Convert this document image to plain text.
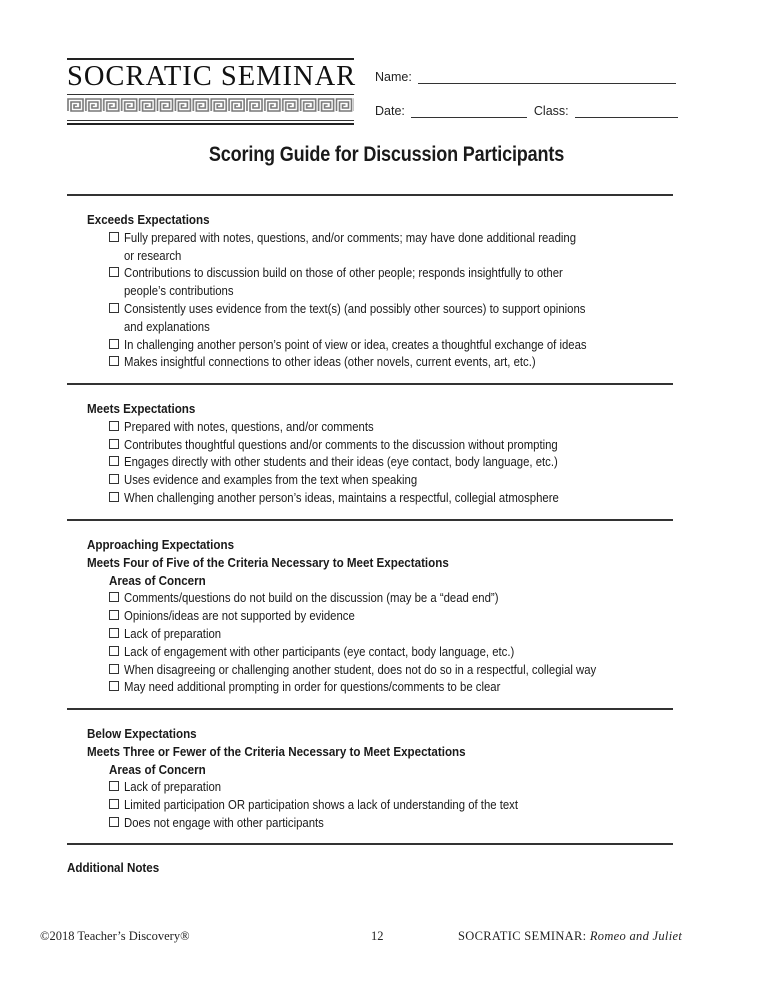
SOCRATIC SEMINAR Name:
Date:	Class:
Scoring Guide for Discussion Participants
Exceeds Expectations
Fully prepared with notes, questions, and/or comments; may have done additional reading
or research
Contributions to discussion build on those of other people; responds insightfully to other
people’s contributions
Consistently uses evidence from the text(s) (and possibly other sources) to support opinions
and explanations
In challenging another person’s point of view or idea, creates a thoughtful exchange of ideas
Makes insightful connections to other ideas (other novels, current events, art, etc.)
Meets Expectations
Prepared with notes, questions, and/or comments
Contributes thoughtful questions and/or comments to the discussion without prompting
Engages directly with other students and their ideas (eye contact, body language, etc.)
Uses evidence and examples from the text when speaking
When challenging another person’s ideas, maintains a respectful, collegial atmosphere
Approaching Expectations
Meets Four of Five of the Criteria Necessary to Meet Expectations
Areas of Concern
Comments/questions do not build on the discussion (may be a “dead end”)
Opinions/ideas are not supported by evidence
Lack of preparation
Lack of engagement with other participants (eye contact, body language, etc.)
When disagreeing or challenging another student, does not do so in a respectful, collegial way
May need additional prompting in order for questions/comments to be clear
Below Expectations
Meets Three or Fewer of the Criteria Necessary to Meet Expectations
Areas of Concern
Lack of preparation
Limited participation OR participation shows a lack of understanding of the text
Does not engage with other participants
Additional Notes
©2018 Teacher’s Discovery®	12	SOCRATIC SEMINAR: Romeo and Juliet
